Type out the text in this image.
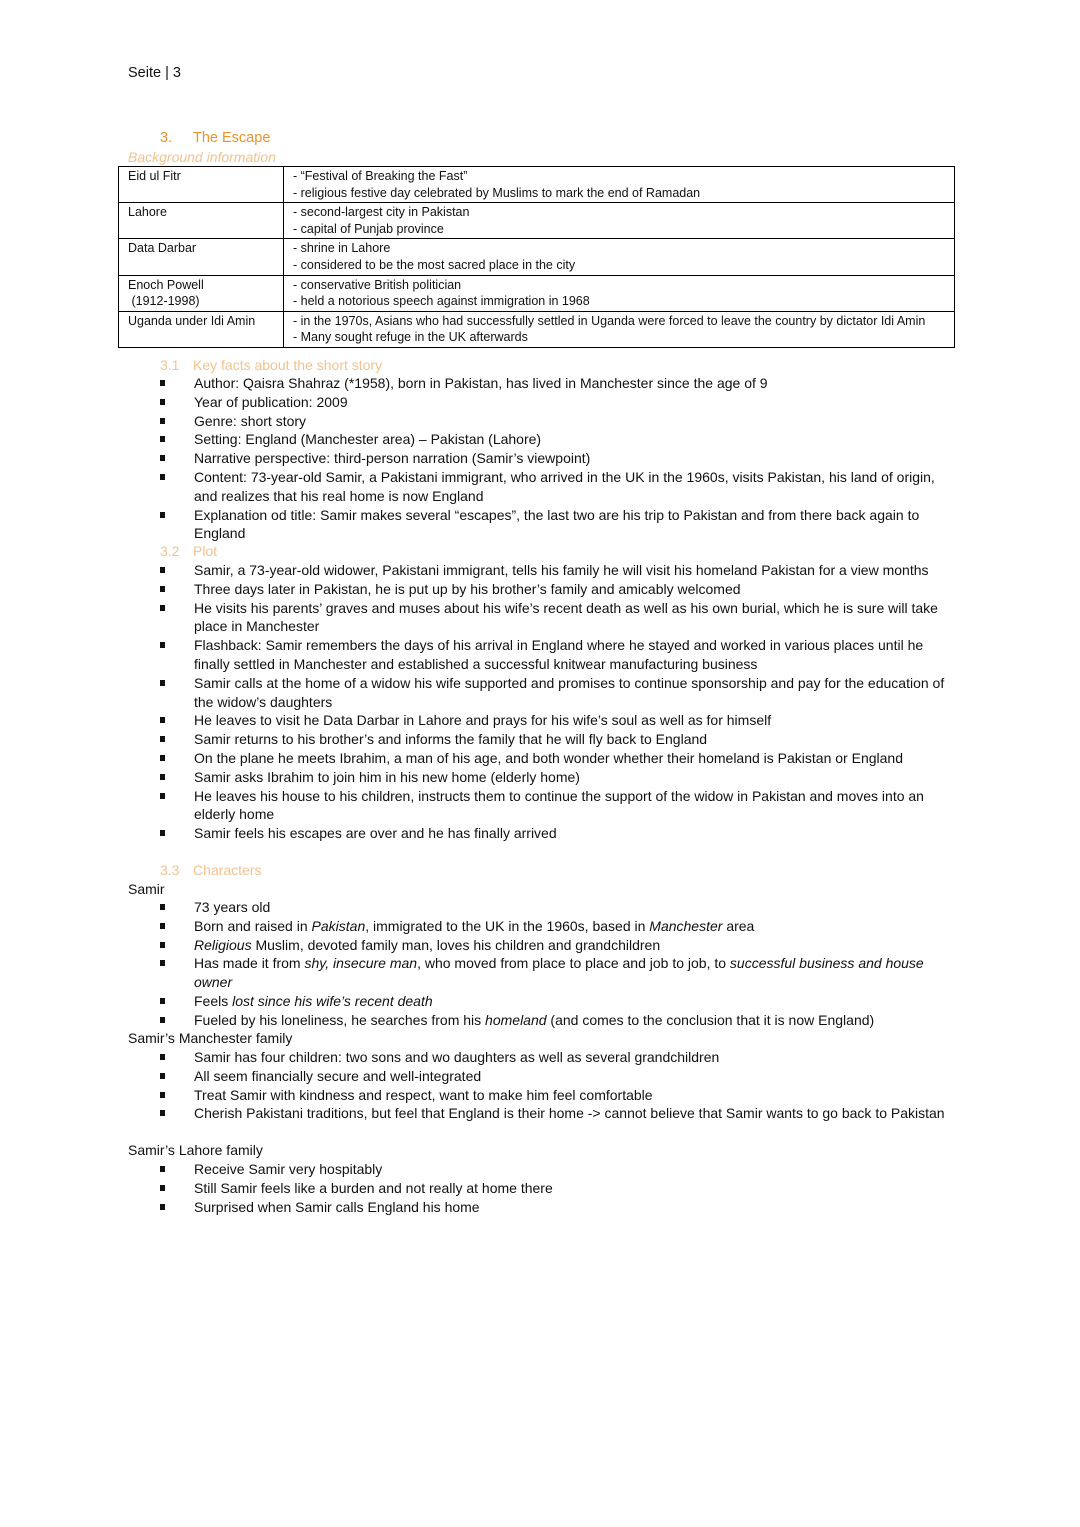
Seite | 3
3. The Escape
Background information
Eid ul Fitr	- “Festival of Breaking the Fast”
- religious festive day celebrated by Muslims to mark the end of Ramadan

Lahore	- second-largest city in Pakistan
- capital of Punjab province

Data Darbar	- shrine in Lahore
- considered to be the most sacred place in the city

Enoch Powell
(1912-1998)	- conservative British politician
- held a notorious speech against immigration in 1968

Uganda under Idi Amin	- in the 1970s, Asians who had successfully settled in Uganda were forced to leave the country by dictator Idi Amin
- Many sought refuge in the UK afterwards
3.1 Key facts about the short story
Author: Qaisra Shahraz (*1958), born in Pakistan, has lived in Manchester since the age of 9
Year of publication: 2009
Genre: short story
Setting: England (Manchester area) – Pakistan (Lahore)
Narrative perspective: third-person narration (Samir’s viewpoint)
Content: 73-year-old Samir, a Pakistani immigrant, who arrived in the UK in the 1960s, visits Pakistan, his land of origin, and realizes that his real home is now England
Explanation od title: Samir makes several “escapes”, the last two are his trip to Pakistan and from there back again to England
3.2 Plot
Samir, a 73-year-old widower, Pakistani immigrant, tells his family he will visit his homeland Pakistan for a view months
Three days later in Pakistan, he is put up by his brother’s family and amicably welcomed
He visits his parents’ graves and muses about his wife’s recent death as well as his own burial, which he is sure will take place in Manchester
Flashback: Samir remembers the days of his arrival in England where he stayed and worked in various places until he finally settled in Manchester and established a successful knitwear manufacturing business
Samir calls at the home of a widow his wife supported and promises to continue sponsorship and pay for the education of the widow’s daughters
He leaves to visit he Data Darbar in Lahore and prays for his wife’s soul as well as for himself
Samir returns to his brother’s and informs the family that he will fly back to England
On the plane he meets Ibrahim, a man of his age, and both wonder whether their homeland is Pakistan or England
Samir asks Ibrahim to join him in his new home (elderly home)
He leaves his house to his children, instructs them to continue the support of the widow in Pakistan and moves into an elderly home
Samir feels his escapes are over and he has finally arrived
3.3 Characters
Samir
73 years old
Born and raised in Pakistan, immigrated to the UK in the 1960s, based in Manchester area
Religious Muslim, devoted family man, loves his children and grandchildren
Has made it from shy, insecure man, who moved from place to place and job to job, to successful business and house owner
Feels lost since his wife’s recent death
Fueled by his loneliness, he searches from his homeland (and comes to the conclusion that it is now England)
Samir’s Manchester family
Samir has four children: two sons and wo daughters as well as several grandchildren
All seem financially secure and well-integrated
Treat Samir with kindness and respect, want to make him feel comfortable
Cherish Pakistani traditions, but feel that England is their home -> cannot believe that Samir wants to go back to Pakistan
Samir’s Lahore family
Receive Samir very hospitably
Still Samir feels like a burden and not really at home there
Surprised when Samir calls England his home
